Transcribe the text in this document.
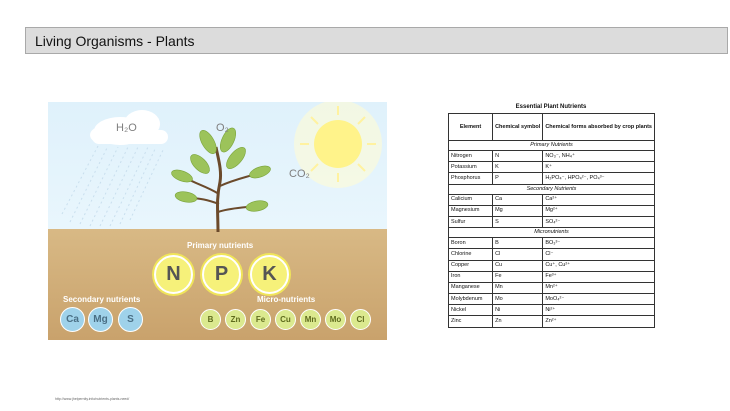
Living Organisms - Plants
H₂O	O₂
CO₂
Primary nutrients
N	P	K
Secondary nutrients
Ca	Mg	S
Micro-nutrients
B	Zn	Fe	Cu	Mn	Mo	Cl
Essential Plant Nutrients
Element	Chemical symbol	Chemical forms absorbed by crop plants
Primary Nutrients		
Nitrogen	N	NO₃⁻, NH₄⁺
Potassium	K	K⁺
Phosphorus	P	H₂PO₄⁻, HPO₄²⁻, PO₄³⁻
Secondary Nutrients		
Calicium	Ca	Ca²⁺
Magnesium	Mg	Mg²⁺
Sulfur	S	SO₄²⁻
Micronutrients		
Boron	B	BO₃³⁻
Chlorine	Cl	Cl⁻
Copper	Cu	Cu⁺, Cu²⁺
Iron	Fe	Fe³⁺
Manganese	Mn	Mn²⁺
Molybdenum	Mo	MoO₄²⁻
Nickel	Ni	Ni²⁺
Zinc	Zn	Zn²⁺
http://www.jhelpernity.info/nutrients-plants-need/
